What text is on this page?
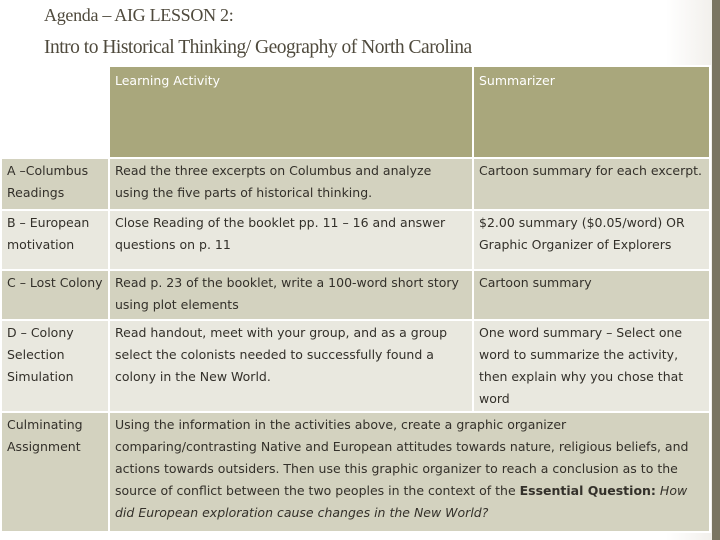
Agenda – AIG LESSON 2:
Intro to Historical Thinking/ Geography of North Carolina
	Learning Activity	Summarizer
A –Columbus Readings	Read the three excerpts on Columbus and analyze using the five parts of historical thinking.	Cartoon summary for each excerpt.
B – European motivation	Close Reading of the booklet pp. 11 – 16 and answer questions on p. 11	$2.00 summary ($0.05/word) OR Graphic Organizer of Explorers
C – Lost Colony	Read p. 23 of the booklet, write a 100-word short story using plot elements	Cartoon summary
D – Colony Selection Simulation	Read handout, meet with your group, and as a group select the colonists needed to successfully found a colony in the New World.	One word summary – Select one word to summarize the activity, then explain why you chose that word
Culminating Assignment	Using the information in the activities above, create a graphic organizer comparing/contrasting Native and European attitudes towards nature, religious beliefs, and actions towards outsiders. Then use this graphic organizer to reach a conclusion as to the source of conflict between the two peoples in the context of the Essential Question: How did European exploration cause changes in the New World?	
